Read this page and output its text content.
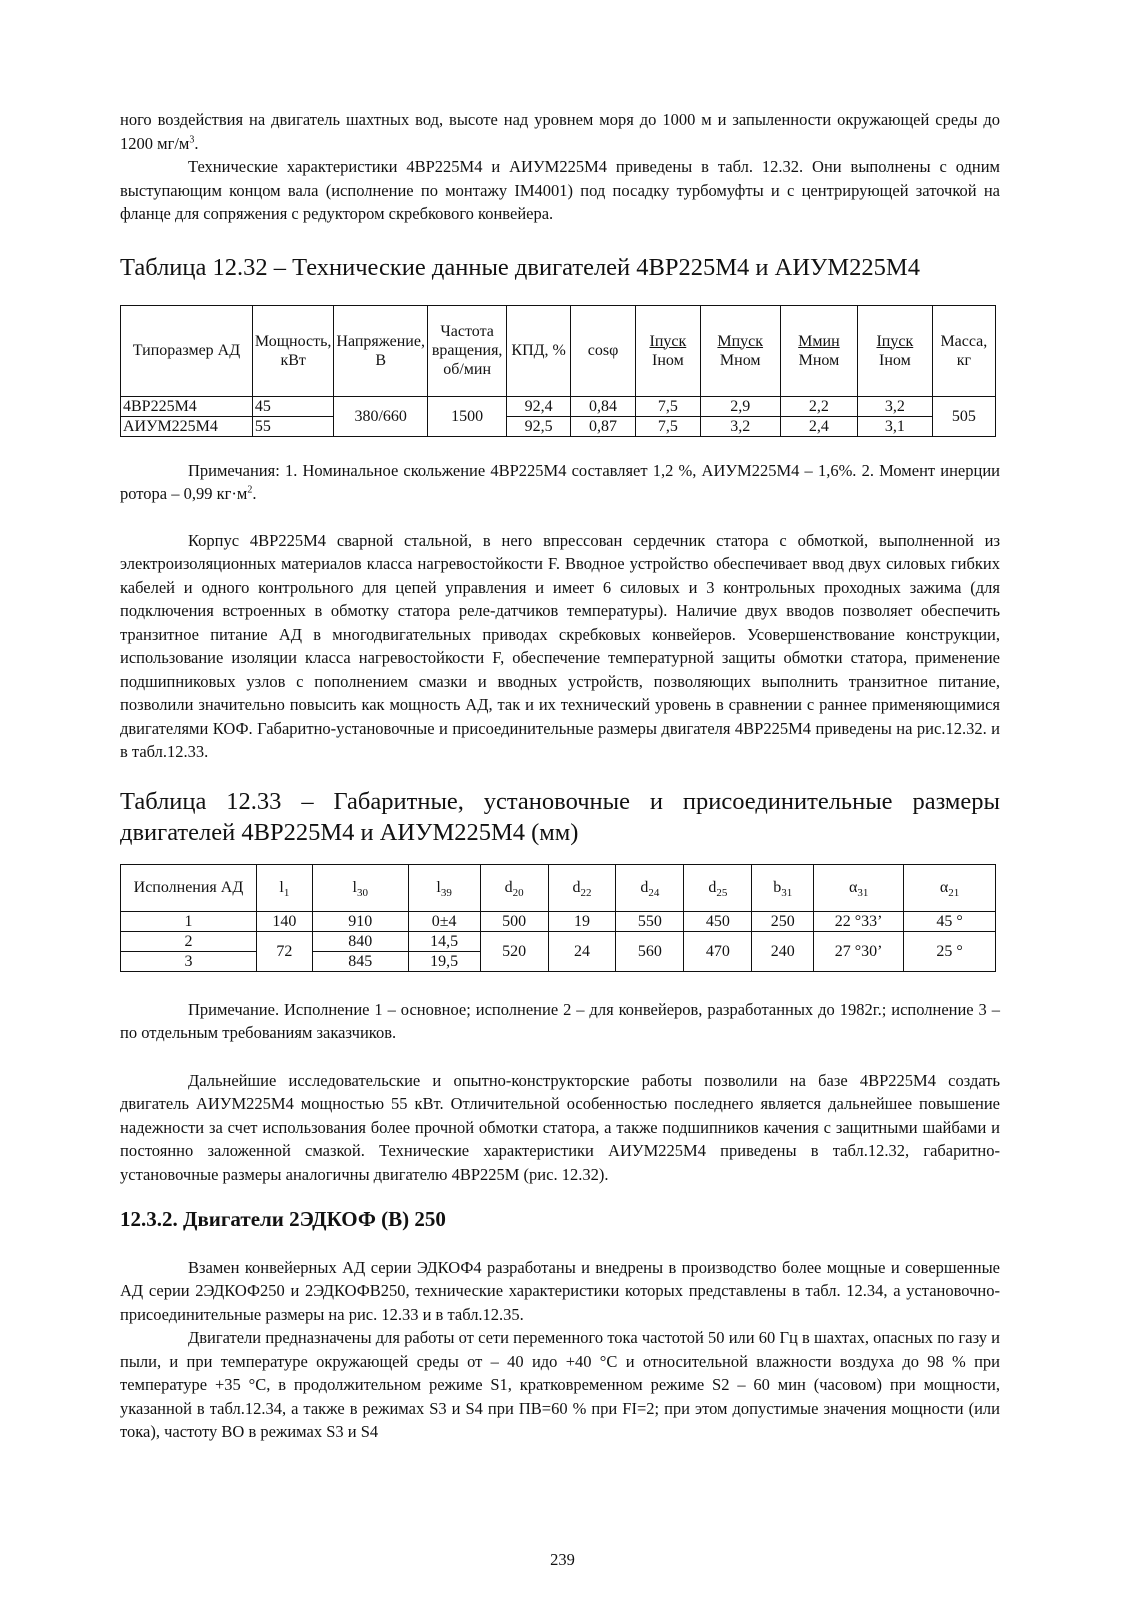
ного воздействия на двигатель шахтных вод, высоте над уровнем моря до 1000 м и запыленности окружающей среды до 1200 $мг/м^3$.

Технические характеристики 4ВР225М4 и АИУМ225М4 приведены в табл. 12.32. Они выполнены с одним выступающим концом вала (исполнение по монтажу IM4001) под посадку турбомуфты и с центрирующей заточкой на фланце для сопряжения с редуктором скребкового конвейера.

Таблица 12.32 – Технические данные двигателей 4ВР225М4 и АИУМ225М4

Типоразмер АД	Мощность, кВт	Напряжение, В	Частота вращения, об/мин	КПД, %	cosφ	$\frac{\text{Iпуск}}{\text{Iном}}$	$\frac{\text{Мпуск}}{\text{Мном}}$	$\frac{\text{Ммин}}{\text{Мном}}$	$\frac{\text{Iпуск}}{\text{Iном}}$	Масса, кг
4ВР225М4	45	380/660	1500	92,4	0,84	7,5	2,9	2,2	3,2	505
АИУМ225М4	55			92,5	0,87	7,5	3,2	2,4	3,1	

Примечания: 1. Номинальное скольжение 4ВР225М4 составляет 1,2 %, АИУМ225М4 – 1,6%. 2. Момент инерции ротора – 0,99 $кг\cdot м^2$.

Корпус 4ВР225М4 сварной стальной, в него впрессован сердечник статора с обмоткой, выполненной из электроизоляционных материалов класса нагревостойкости F. Вводное устройство обеспечивает ввод двух силовых гибких кабелей и одного контрольного для цепей управления и имеет 6 силовых и 3 контрольных проходных зажима (для подключения встроенных в обмотку статора реле-датчиков температуры). Наличие двух вводов позволяет обеспечить транзитное питание АД в многодвигательных приводах скребковых конвейеров. Усовершенствование конструкции, использование изоляции класса нагревостойкости F, обеспечение температурной защиты обмотки статора, применение подшипниковых узлов с пополнением смазки и вводных устройств, позволяющих выполнить транзитное питание, позволили значительно повысить как мощность АД, так и их технический уровень в сравнении с раннее применяющимися двигателями КОФ. Габаритно-установочные и присоединительные размеры двигателя 4ВР225М4 приведены на рис.12.32. и в табл.12.33.

Таблица 12.33 – Габаритные, установочные и присоединительные размеры двигателей 4ВР225М4 и АИУМ225М4 (мм)

Исполнения АД	$l_1$	$l_{30}$	$l_{39}$	$d_{20}$	$d_{22}$	$d_{24}$	$d_{25}$	$b_{31}$	$\alpha_{31}$	$\alpha_{21}$
1	140	910	0±4	500	19	550	450	250	22 °33’	45 °
2	72	840	14,5	520	24	560	470	240	27 °30’	25 °
3		845	19,5							

Примечание. Исполнение 1 – основное; исполнение 2 – для конвейеров, разработанных до 1982г.; исполнение 3 – по отдельным требованиям заказчиков.

Дальнейшие исследовательские и опытно-конструкторские работы позволили на базе 4ВР225М4 создать двигатель АИУМ225М4 мощностью 55 кВт. Отличительной особенностью последнего является дальнейшее повышение надежности за счет использования более прочной обмотки статора, а также подшипников качения с защитными шайбами и постоянно заложенной смазкой. Технические характеристики АИУМ225М4 приведены в табл.12.32, габаритно-установочные размеры аналогичны двигателю 4ВР225М (рис. 12.32).

12.3.2. Двигатели 2ЭДКОФ (В) 250

Взамен конвейерных АД серии ЭДКОФ4 разработаны и внедрены в производство более мощные и совершенные АД серии 2ЭДКОФ250 и 2ЭДКОФВ250, технические характеристики которых представлены в табл. 12.34, а установочно-присоединительные размеры на рис. 12.33 и в табл.12.35.

Двигатели предназначены для работы от сети переменного тока частотой 50 или 60 Гц в шахтах, опасных по газу и пыли, и при температуре окружающей среды от – 40 идо +40 °С и относительной влажности воздуха до 98 % при температуре +35 °С, в продолжительном режиме S1, кратковременном режиме S2 – 60 мин (часовом) при мощности, указанной в табл.12.34, а также в режимах S3 и S4 при ПВ=60 % при FI=2; при этом допустимые значения мощности (или тока), частоту ВО в режимах S3 и S4

239
